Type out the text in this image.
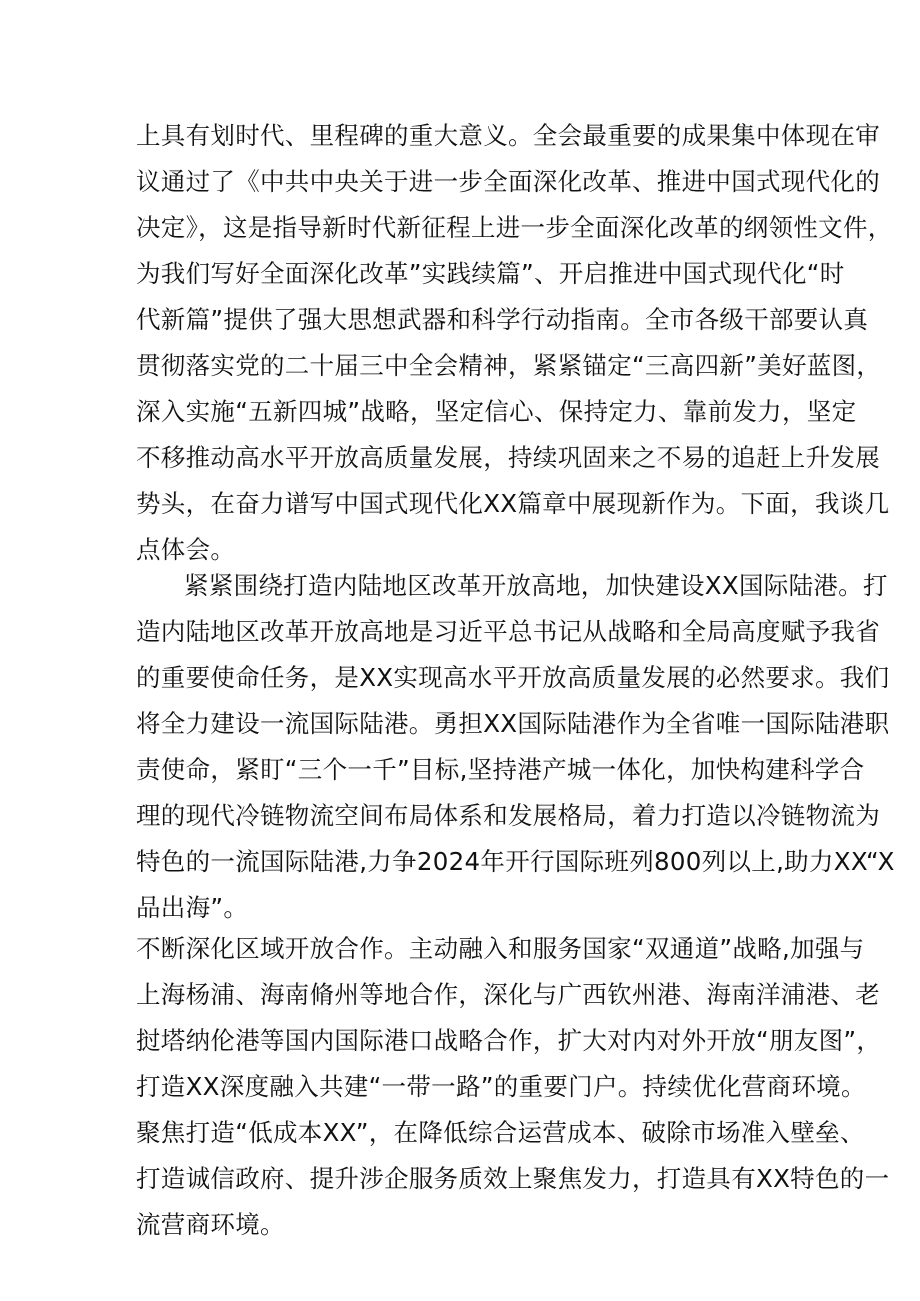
上具有划时代、里程碑的重大意义。全会最重要的成果集中体现在审
议通过了《中共中央关于进一步全面深化改革、推进中国式现代化的
决定》，这是指导新时代新征程上进一步全面深化改革的纲领性文件，
为我们写好全面深化改革”实践续篇”、开启推进中国式现代化“时
代新篇”提供了强大思想武器和科学行动指南。全市各级干部要认真
贯彻落实党的二十届三中全会精神，紧紧锚定“三高四新”美好蓝图，
深入实施“五新四城”战略，坚定信心、保持定力、靠前发力，坚定
不移推动高水平开放高质量发展，持续巩固来之不易的追赶上升发展
势头，在奋力谱写中国式现代化XX篇章中展现新作为。下面，我谈几
点体会。
紧紧围绕打造内陆地区改革开放高地，加快建设XX国际陆港。打
造内陆地区改革开放高地是习近平总书记从战略和全局高度赋予我省
的重要使命任务，是XX实现高水平开放高质量发展的必然要求。我们
将全力建设一流国际陆港。勇担XX国际陆港作为全省唯一国际陆港职
责使命，紧盯“三个一千”目标,坚持港产城一体化，加快构建科学合
理的现代冷链物流空间布局体系和发展格局，着力打造以冷链物流为
特色的一流国际陆港,力争2024年开行国际班列800列以上,助力XX“X
品出海”。
不断深化区域开放合作。主动融入和服务国家“双通道”战略,加强与
上海杨浦、海南脩州等地合作，深化与广西钦州港、海南洋浦港、老
挝塔纳伦港等国内国际港口战略合作，扩大对内对外开放“朋友图”，
打造XX深度融入共建“一带一路”的重要门户。持续优化营商环境。
聚焦打造“低成本XX”，在降低综合运营成本、破除市场准入壁垒、
打造诚信政府、提升涉企服务质效上聚焦发力，打造具有XX特色的一
流营商环境。
